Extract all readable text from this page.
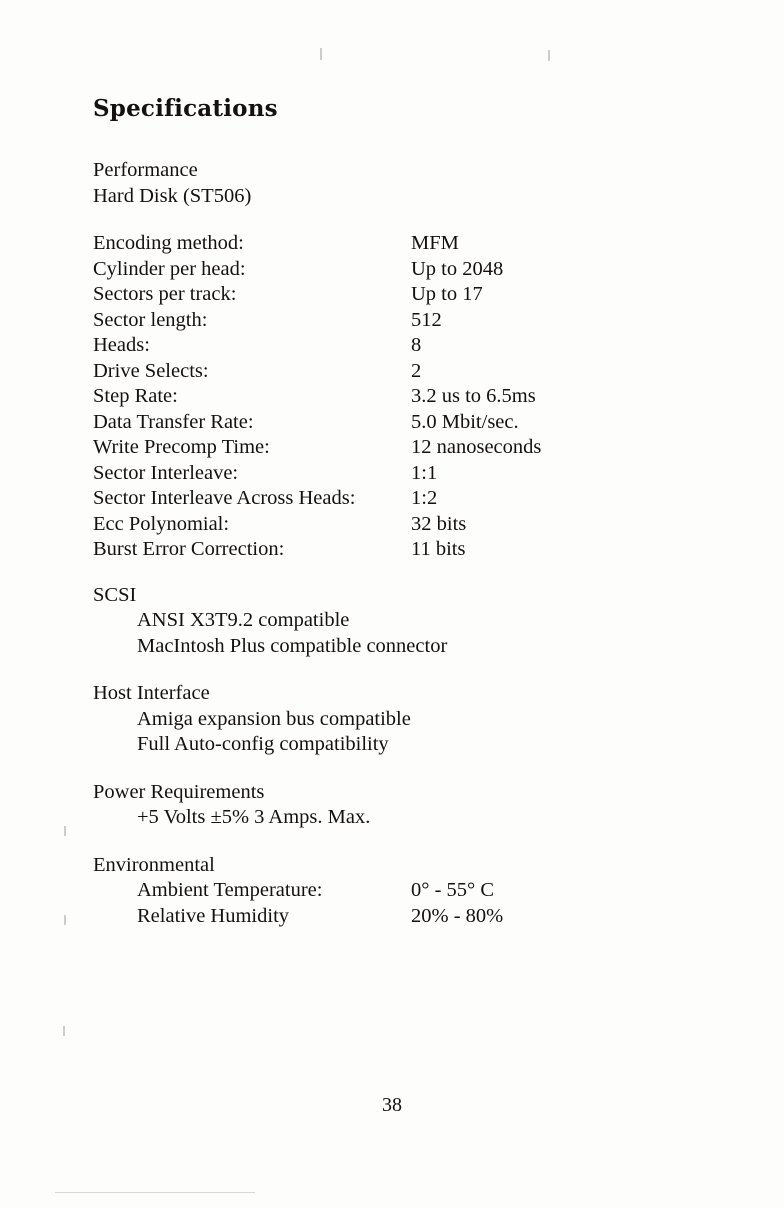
Specifications
Performance
Hard Disk (ST506)
Encoding method:	MFM
Cylinder per head:	Up to 2048
Sectors per track:	Up to 17
Sector length:	512
Heads:	8
Drive Selects:	2
Step Rate:	3.2 us to 6.5ms
Data Transfer Rate:	5.0 Mbit/sec.
Write Precomp Time:	12 nanoseconds
Sector Interleave:	1:1
Sector Interleave Across Heads:	1:2
Ecc Polynomial:	32 bits
Burst Error Correction:	11 bits
SCSI
ANSI X3T9.2 compatible
MacIntosh Plus compatible connector
Host Interface
Amiga expansion bus compatible
Full Auto-config compatibility
Power Requirements
+5 Volts ±5% 3 Amps. Max.
Environmental
Ambient Temperature:	0° - 55° C
Relative Humidity	20% - 80%
38
